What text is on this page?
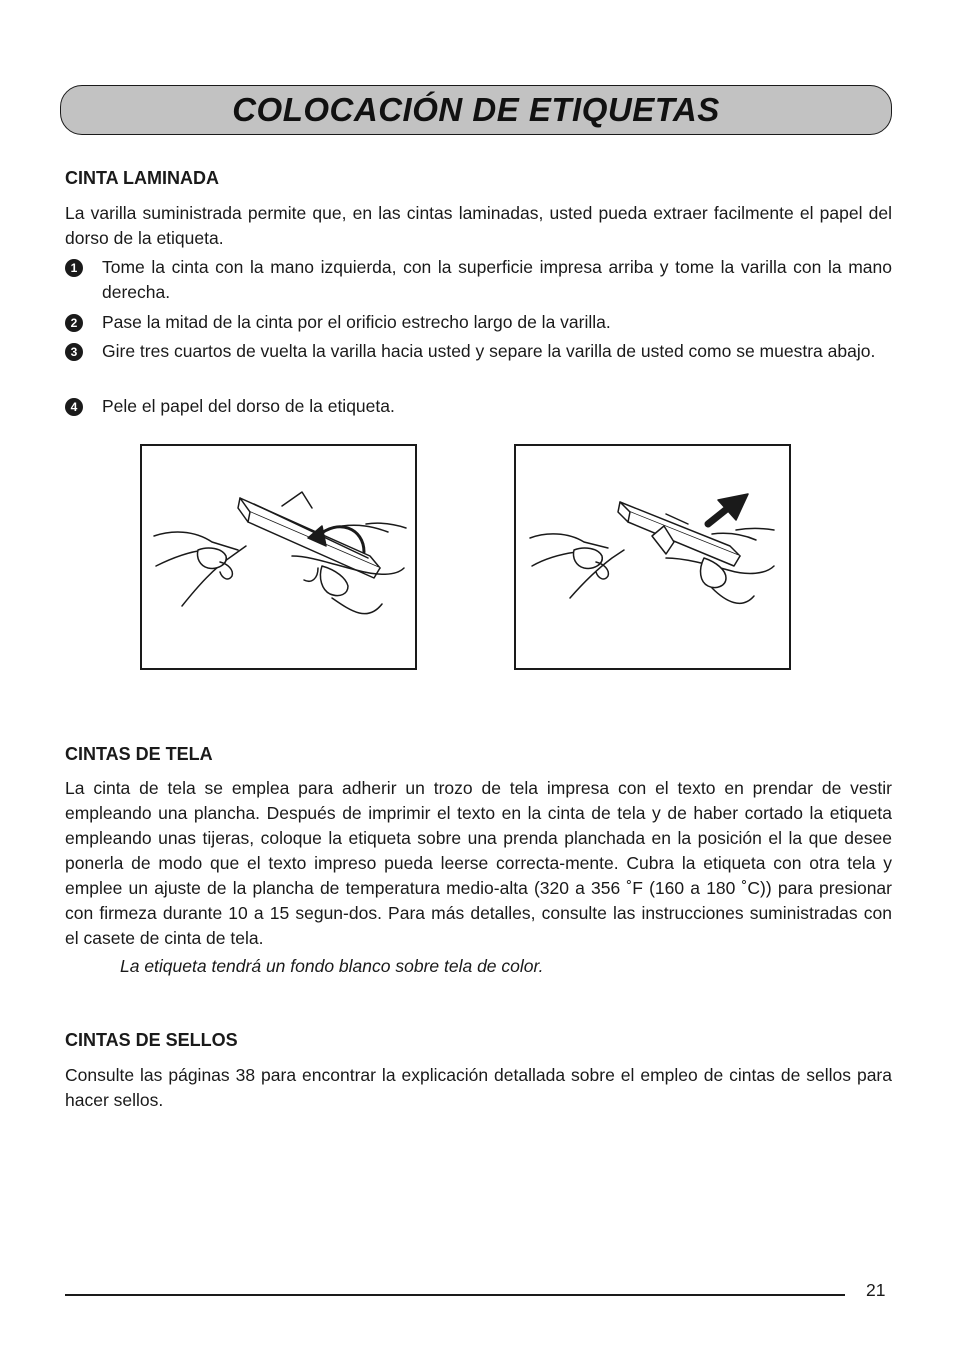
COLOCACIÓN DE ETIQUETAS
CINTA LAMINADA

La varilla suministrada permite que, en las cintas laminadas, usted pueda extraer facilmente el papel del dorso de la etiqueta.

1	Tome la cinta con la mano izquierda, con la superficie impresa arriba y tome la varilla con la mano derecha.
2	Pase la mitad de la cinta por el orificio estrecho largo de la varilla.
3	Gire tres cuartos de vuelta la varilla hacia usted y separe la varilla de usted como se muestra abajo.
4	Pele el papel del dorso de la etiqueta.
CINTAS DE TELA

La cinta de tela se emplea para adherir un trozo de tela impresa con el texto en prendar de vestir empleando una plancha. Después de imprimir el texto en la cinta de tela y de haber cortado la etiqueta empleando unas tijeras, coloque la etiqueta sobre una prenda planchada en la posición el la que desee ponerla de modo que el texto impreso pueda leerse correcta-mente. Cubra la etiqueta con otra tela y emplee un ajuste de la plancha de temperatura medio-alta (320 a 356 ˚F (160 a 180 ˚C)) para presionar con firmeza durante 10 a 15 segun-dos. Para más detalles, consulte las instrucciones suministradas con el casete de cinta de tela.

La etiqueta tendrá un fondo blanco sobre tela de color.

CINTAS DE SELLOS

Consulte las páginas 38 para encontrar la explicación detallada sobre el empleo de cintas de sellos para hacer sellos.

21
